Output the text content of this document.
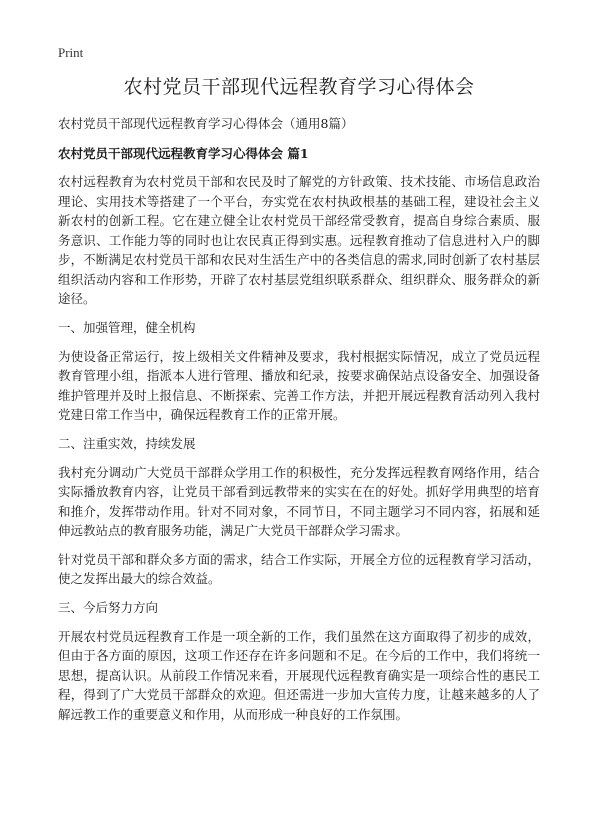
Print
农村党员干部现代远程教育学习心得体会
农村党员干部现代远程教育学习心得体会（通用8篇）
农村党员干部现代远程教育学习心得体会 篇1

农村远程教育为农村党员干部和农民及时了解党的方针政策、技术技能、市场信息政治理论、实用技术等搭建了一个平台，夯实党在农村执政根基的基础工程，建设社会主义新农村的创新工程。它在建立健全让农村党员干部经常受教育，提高自身综合素质、服务意识、工作能力等的同时也让农民真正得到实惠。远程教育推动了信息进村入户的脚步，不断满足农村党员干部和农民对生活生产中的各类信息的需求,同时创新了农村基层组织活动内容和工作形势，开辟了农村基层党组织联系群众、组织群众、服务群众的新途径。

一、加强管理，健全机构

为使设备正常运行，按上级相关文件精神及要求，我村根据实际情况，成立了党员远程教育管理小组，指派本人进行管理、播放和纪录，按要求确保站点设备安全、加强设备维护管理并及时上报信息、不断探索、完善工作方法，并把开展远程教育活动列入我村党建日常工作当中，确保远程教育工作的正常开展。

二、注重实效，持续发展

我村充分调动广大党员干部群众学用工作的积极性，充分发挥远程教育网络作用，结合实际播放教育内容，让党员干部看到远教带来的实实在在的好处。抓好学用典型的培育和推介，发挥带动作用。针对不同对象，不同节日，不同主题学习不同内容，拓展和延伸远教站点的教育服务功能，满足广大党员干部群众学习需求。

针对党员干部和群众多方面的需求，结合工作实际，开展全方位的远程教育学习活动，使之发挥出最大的综合效益。

三、今后努力方向

开展农村党员远程教育工作是一项全新的工作，我们虽然在这方面取得了初步的成效，但由于各方面的原因，这项工作还存在许多问题和不足。在今后的工作中，我们将统一思想，提高认识。从前段工作情况来看，开展现代远程教育确实是一项综合性的惠民工程，得到了广大党员干部群众的欢迎。但还需进一步加大宣传力度，让越来越多的人了解远教工作的重要意义和作用，从而形成一种良好的工作氛围。
